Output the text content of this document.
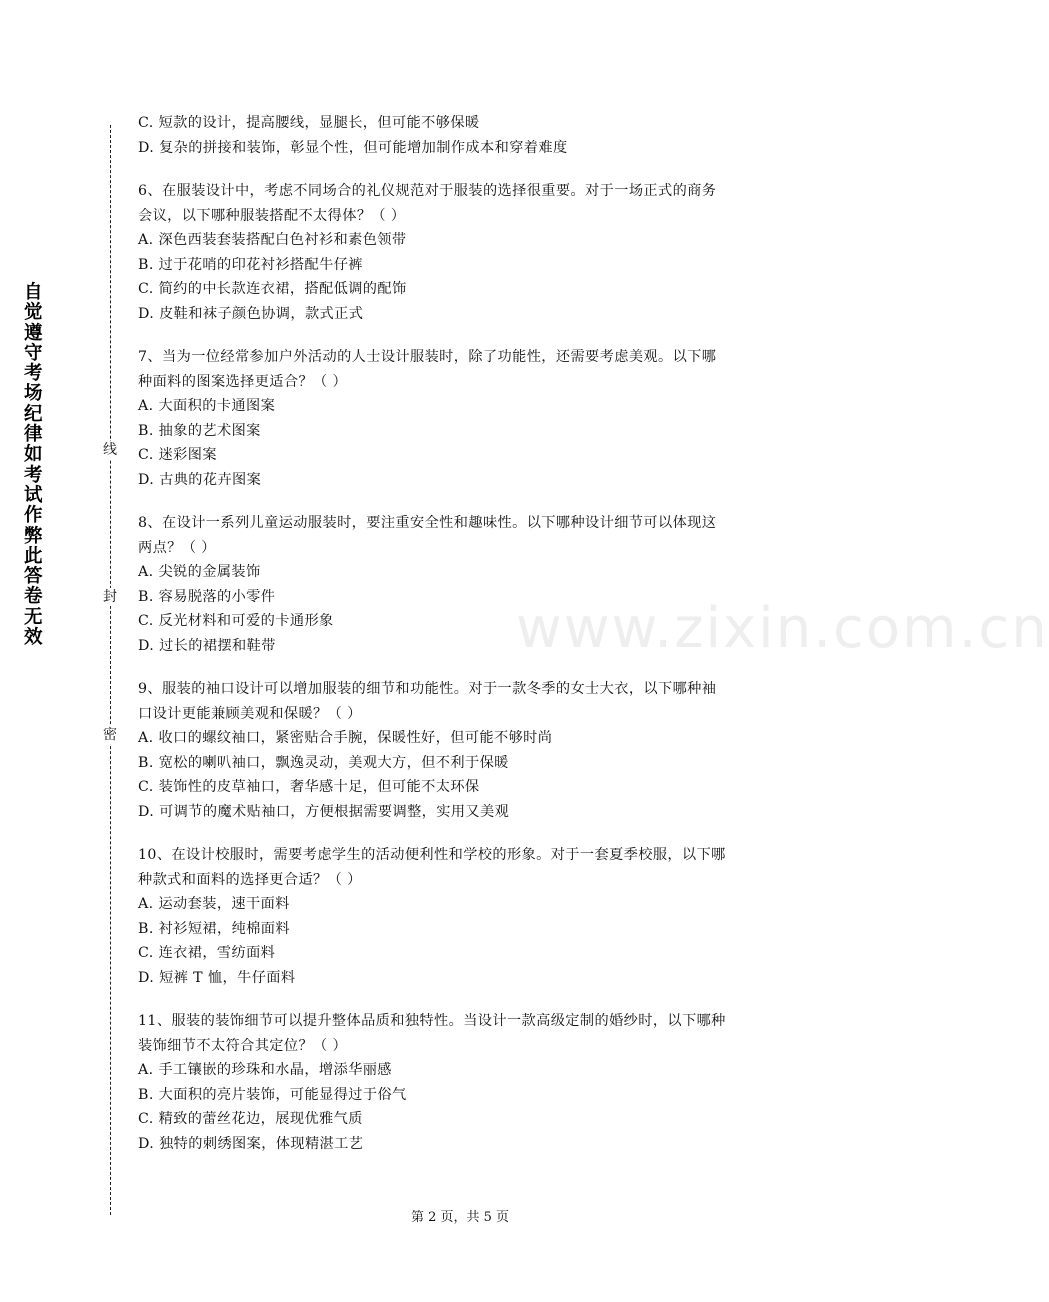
自觉遵守考场纪律如考试作弊此答卷无效
线
封
密
www.zixin.com.cn
C. 短款的设计，提高腰线，显腿长，但可能不够保暖
D. 复杂的拼接和装饰，彰显个性，但可能增加制作成本和穿着难度
6、在服装设计中，考虑不同场合的礼仪规范对于服装的选择很重要。对于一场正式的商务
会议，以下哪种服装搭配不太得体？（ ）
A. 深色西装套装搭配白色衬衫和素色领带
B. 过于花哨的印花衬衫搭配牛仔裤
C. 简约的中长款连衣裙，搭配低调的配饰
D. 皮鞋和袜子颜色协调，款式正式
7、当为一位经常参加户外活动的人士设计服装时，除了功能性，还需要考虑美观。以下哪
种面料的图案选择更适合？（ ）
A. 大面积的卡通图案
B. 抽象的艺术图案
C. 迷彩图案
D. 古典的花卉图案
8、在设计一系列儿童运动服装时，要注重安全性和趣味性。以下哪种设计细节可以体现这
两点？（ ）
A. 尖锐的金属装饰
B. 容易脱落的小零件
C. 反光材料和可爱的卡通形象
D. 过长的裙摆和鞋带
9、服装的袖口设计可以增加服装的细节和功能性。对于一款冬季的女士大衣，以下哪种袖
口设计更能兼顾美观和保暖？（ ）
A. 收口的螺纹袖口，紧密贴合手腕，保暖性好，但可能不够时尚
B. 宽松的喇叭袖口，飘逸灵动，美观大方，但不利于保暖
C. 装饰性的皮草袖口，奢华感十足，但可能不太环保
D. 可调节的魔术贴袖口，方便根据需要调整，实用又美观
10、在设计校服时，需要考虑学生的活动便利性和学校的形象。对于一套夏季校服，以下哪
种款式和面料的选择更合适？（ ）
A. 运动套装，速干面料
B. 衬衫短裙，纯棉面料
C. 连衣裙，雪纺面料
D. 短裤 T 恤，牛仔面料
11、服装的装饰细节可以提升整体品质和独特性。当设计一款高级定制的婚纱时，以下哪种
装饰细节不太符合其定位？（ ）
A. 手工镶嵌的珍珠和水晶，增添华丽感
B. 大面积的亮片装饰，可能显得过于俗气
C. 精致的蕾丝花边，展现优雅气质
D. 独特的刺绣图案，体现精湛工艺
第 2 页，共 5 页
